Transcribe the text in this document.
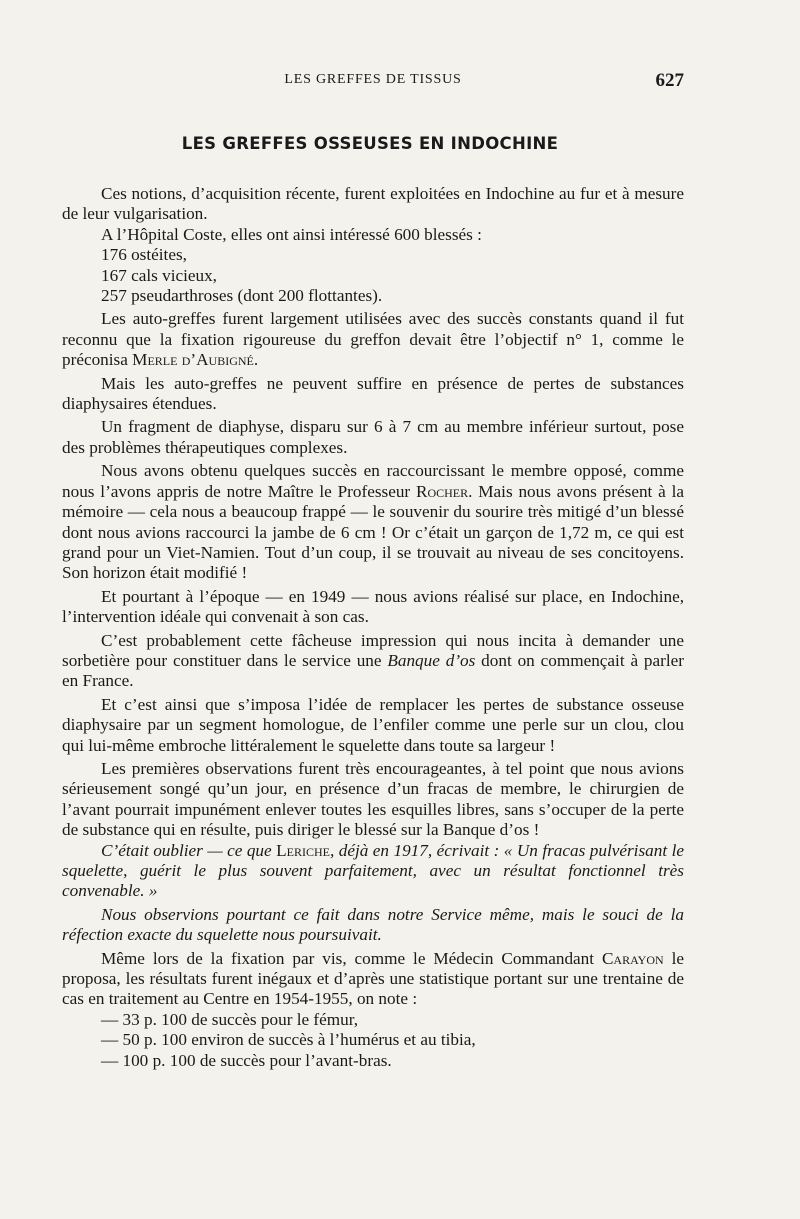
LES GREFFES DE TISSUS	627
LES GREFFES OSSEUSES EN INDOCHINE

Ces notions, d’acquisition récente, furent exploitées en Indochine au fur et à mesure de leur vulgarisation.

A l’Hôpital Coste, elles ont ainsi intéressé 600 blessés :

176 ostéites,

167 cals vicieux,

257 pseudarthroses (dont 200 flottantes).

Les auto-greffes furent largement utilisées avec des succès constants quand il fut reconnu que la fixation rigoureuse du greffon devait être l’objectif n° 1, comme le préconisa Merle d’Aubigné.

Mais les auto-greffes ne peuvent suffire en présence de pertes de substances diaphysaires étendues.

Un fragment de diaphyse, disparu sur 6 à 7 cm au membre inférieur surtout, pose des problèmes thérapeutiques complexes.

Nous avons obtenu quelques succès en raccourcissant le membre opposé, comme nous l’avons appris de notre Maître le Professeur Rocher. Mais nous avons présent à la mémoire — cela nous a beaucoup frappé — le souvenir du sourire très mitigé d’un blessé dont nous avions raccourci la jambe de 6 cm ! Or c’était un garçon de 1,72 m, ce qui est grand pour un Viet-Namien. Tout d’un coup, il se trouvait au niveau de ses concitoyens. Son horizon était modifié !

Et pourtant à l’époque — en 1949 — nous avions réalisé sur place, en Indochine, l’intervention idéale qui convenait à son cas.

C’est probablement cette fâcheuse impression qui nous incita à demander une sorbetière pour constituer dans le service une Banque d’os dont on commençait à parler en France.

Et c’est ainsi que s’imposa l’idée de remplacer les pertes de substance osseuse diaphysaire par un segment homologue, de l’enfiler comme une perle sur un clou, clou qui lui-même embroche littéralement le squelette dans toute sa largeur !

Les premières observations furent très encourageantes, à tel point que nous avions sérieusement songé qu’un jour, en présence d’un fracas de membre, le chirurgien de l’avant pourrait impunément enlever toutes les esquilles libres, sans s’occuper de la perte de substance qui en résulte, puis diriger le blessé sur la Banque d’os !

C’était oublier — ce que Leriche, déjà en 1917, écrivait : « Un fracas pulvérisant le squelette, guérit le plus souvent parfaitement, avec un résultat fonctionnel très convenable. »

Nous observions pourtant ce fait dans notre Service même, mais le souci de la réfection exacte du squelette nous poursuivait.

Même lors de la fixation par vis, comme le Médecin Commandant Carayon le proposa, les résultats furent inégaux et d’après une statistique portant sur une trentaine de cas en traitement au Centre en 1954-1955, on note :

— 33 p. 100 de succès pour le fémur,

— 50 p. 100 environ de succès à l’humérus et au tibia,

— 100 p. 100 de succès pour l’avant-bras.
